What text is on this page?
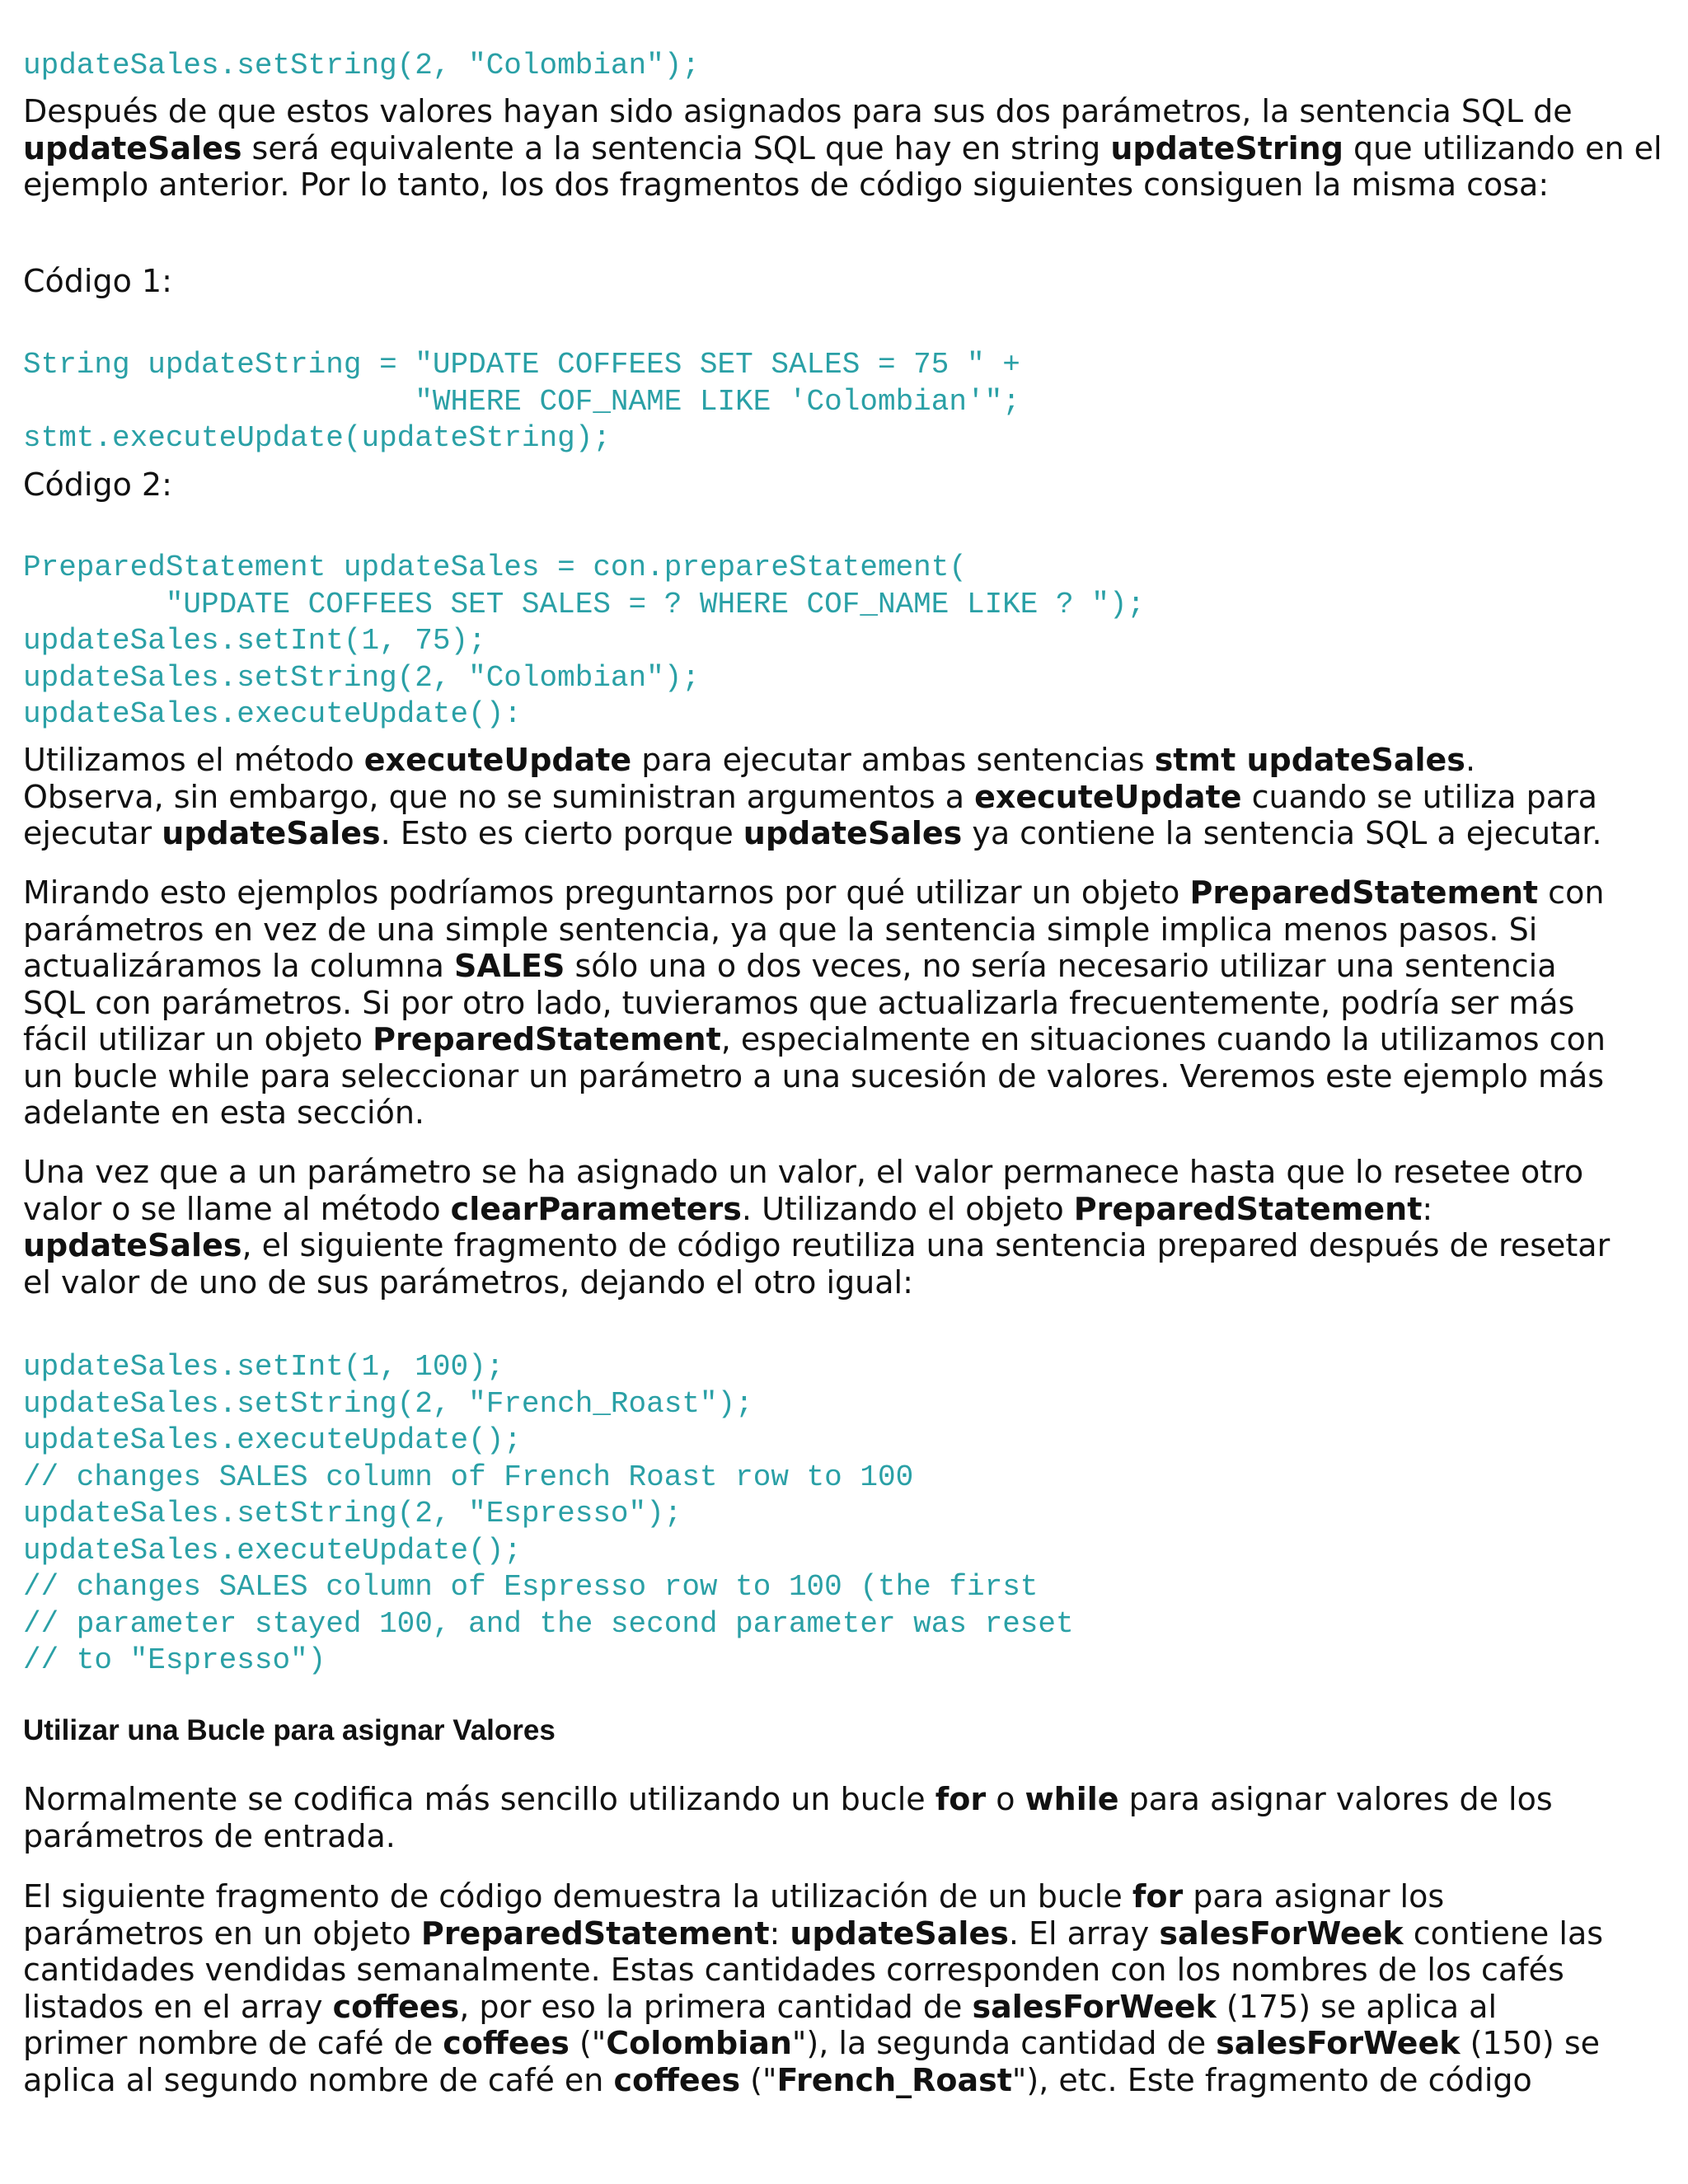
updateSales.setString(2, "Colombian");

Después de que estos valores hayan sido asignados para sus dos parámetros, la sentencia SQL de updateSales será equivalente a la sentencia SQL que hay en string updateString que utilizando en el ejemplo anterior. Por lo tanto, los dos fragmentos de código siguientes consiguen la misma cosa:

Código 1:

String updateString = "UPDATE COFFEES SET SALES = 75 " +
"WHERE COF_NAME LIKE 'Colombian'";
stmt.executeUpdate(updateString);

Código 2:

PreparedStatement updateSales = con.prepareStatement(
"UPDATE COFFEES SET SALES = ? WHERE COF_NAME LIKE ? ");
updateSales.setInt(1, 75);
updateSales.setString(2, "Colombian");
updateSales.executeUpdate():

Utilizamos el método executeUpdate para ejecutar ambas sentencias stmt updateSales.
Observa, sin embargo, que no se suministran argumentos a executeUpdate cuando se utiliza para
ejecutar updateSales. Esto es cierto porque updateSales ya contiene la sentencia SQL a ejecutar.

Mirando esto ejemplos podríamos preguntarnos por qué utilizar un objeto PreparedStatement con
parámetros en vez de una simple sentencia, ya que la sentencia simple implica menos pasos. Si
actualizáramos la columna SALES sólo una o dos veces, no sería necesario utilizar una sentencia
SQL con parámetros. Si por otro lado, tuvieramos que actualizarla frecuentemente, podría ser más
fácil utilizar un objeto PreparedStatement, especialmente en situaciones cuando la utilizamos con
un bucle while para seleccionar un parámetro a una sucesión de valores. Veremos este ejemplo más
adelante en esta sección.

Una vez que a un parámetro se ha asignado un valor, el valor permanece hasta que lo resetee otro
valor o se llame al método clearParameters. Utilizando el objeto PreparedStatement:
updateSales, el siguiente fragmento de código reutiliza una sentencia prepared después de resetar
el valor de uno de sus parámetros, dejando el otro igual:

updateSales.setInt(1, 100);
updateSales.setString(2, "French_Roast");
updateSales.executeUpdate();
// changes SALES column of French Roast row to 100
updateSales.setString(2, "Espresso");
updateSales.executeUpdate();
// changes SALES column of Espresso row to 100 (the first
// parameter stayed 100, and the second parameter was reset
// to "Espresso")
Utilizar una Bucle para asignar Valores

Normalmente se codifica más sencillo utilizando un bucle for o while para asignar valores de los
parámetros de entrada.

El siguiente fragmento de código demuestra la utilización de un bucle for para asignar los
parámetros en un objeto PreparedStatement: updateSales. El array salesForWeek contiene las
cantidades vendidas semanalmente. Estas cantidades corresponden con los nombres de los cafés
listados en el array coffees, por eso la primera cantidad de salesForWeek (175) se aplica al
primer nombre de café de coffees ("Colombian"), la segunda cantidad de salesForWeek (150) se
aplica al segundo nombre de café en coffees ("French_Roast"), etc. Este fragmento de código
